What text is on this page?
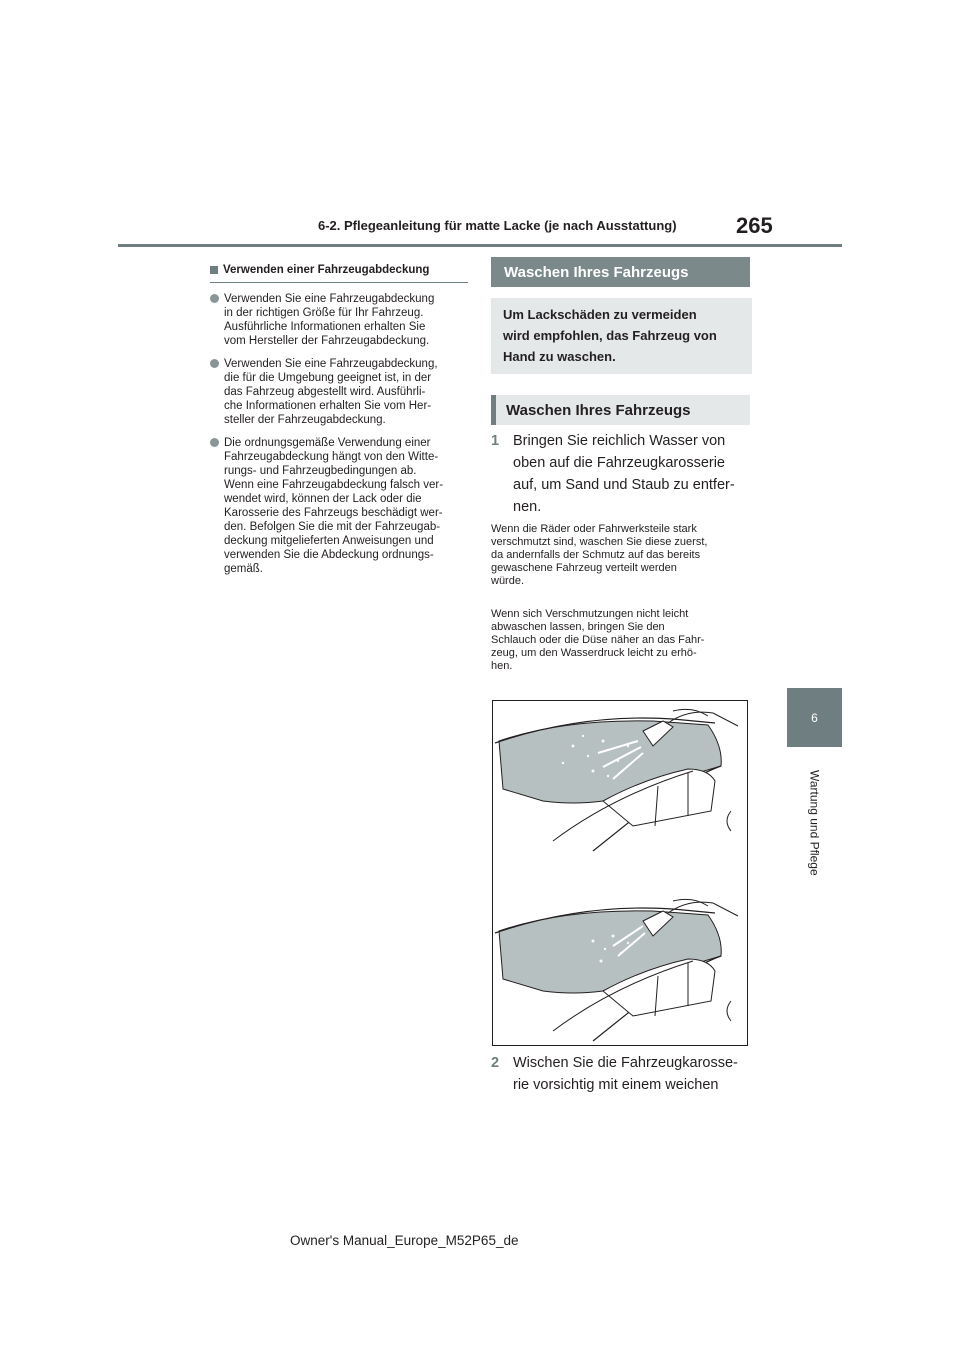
6-2. Pflegeanleitung für matte Lacke (je nach Ausstattung)	265
6
Wartung und Pflege
Verwenden einer Fahrzeugabdeckung
Verwenden Sie eine Fahrzeugabdeckung
in der richtigen Größe für Ihr Fahrzeug.
Ausführliche Informationen erhalten Sie
vom Hersteller der Fahrzeugabdeckung.
Verwenden Sie eine Fahrzeugabdeckung,
die für die Umgebung geeignet ist, in der
das Fahrzeug abgestellt wird. Ausführli-
che Informationen erhalten Sie vom Her-
steller der Fahrzeugabdeckung.
Die ordnungsgemäße Verwendung einer
Fahrzeugabdeckung hängt von den Witte-
rungs- und Fahrzeugbedingungen ab.
Wenn eine Fahrzeugabdeckung falsch ver-
wendet wird, können der Lack oder die
Karosserie des Fahrzeugs beschädigt wer-
den. Befolgen Sie die mit der Fahrzeugab-
deckung mitgelieferten Anweisungen und
verwenden Sie die Abdeckung ordnungs-
gemäß.
Waschen Ihres Fahrzeugs
Um Lackschäden zu vermeiden
wird empfohlen, das Fahrzeug von
Hand zu waschen.
Waschen Ihres Fahrzeugs
1 Bringen Sie reichlich Wasser von
oben auf die Fahrzeugkarosserie
auf, um Sand und Staub zu entfer-
nen.
Wenn die Räder oder Fahrwerksteile stark
verschmutzt sind, waschen Sie diese zuerst,
da andernfalls der Schmutz auf das bereits
gewaschene Fahrzeug verteilt werden
würde.
Wenn sich Verschmutzungen nicht leicht
abwaschen lassen, bringen Sie den
Schlauch oder die Düse näher an das Fahr-
zeug, um den Wasserdruck leicht zu erhö-
hen.
2 Wischen Sie die Fahrzeugkarosse-
rie vorsichtig mit einem weichen
Owner's Manual_Europe_M52P65_de
